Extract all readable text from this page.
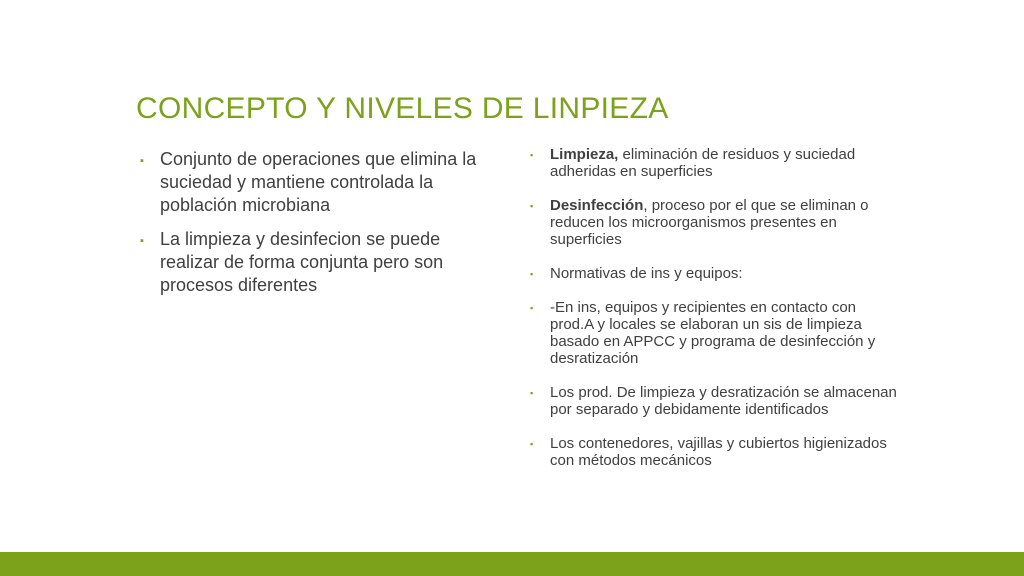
CONCEPTO Y NIVELES DE LINPIEZA
▪ Conjunto de operaciones que elimina la suciedad y mantiene controlada la población microbiana
▪ La limpieza y desinfecion se puede realizar de forma conjunta pero son procesos diferentes
▪ Limpieza, eliminación de residuos y suciedad adheridas en superficies
▪ Desinfección, proceso por el que se eliminan o reducen los microorganismos presentes en superficies
▪ Normativas de ins y equipos:
▪ -En ins, equipos y recipientes en contacto con prod.A y locales se elaboran un sis de limpieza basado en APPCC y programa de desinfección y desratización
▪ Los prod. De limpieza y desratización se almacenan por separado y debidamente identificados
▪ Los contenedores, vajillas y cubiertos higienizados con métodos mecánicos
